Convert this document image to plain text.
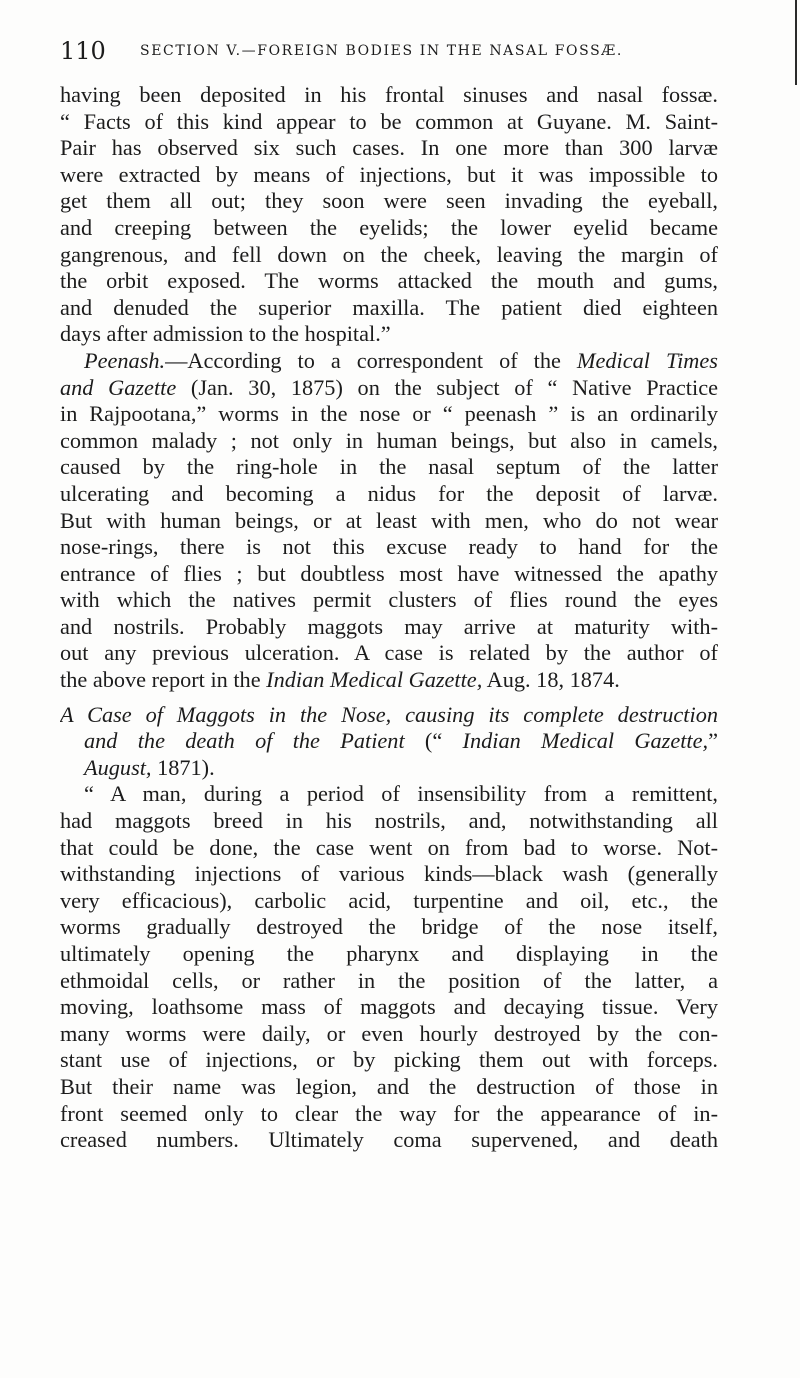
110 SECTION V.—FOREIGN BODIES IN THE NASAL FOSSÆ.
having been deposited in his frontal sinuses and nasal fossæ.
“ Facts of this kind appear to be common at Guyane. M. Saint-
Pair has observed six such cases. In one more than 300 larvæ
were extracted by means of injections, but it was impossible to
get them all out; they soon were seen invading the eyeball,
and creeping between the eyelids; the lower eyelid became
gangrenous, and fell down on the cheek, leaving the margin of
the orbit exposed. The worms attacked the mouth and gums,
and denuded the superior maxilla. The patient died eighteen
days after admission to the hospital.”
Peenash.—According to a correspondent of the Medical Times
and Gazette (Jan. 30, 1875) on the subject of “ Native Practice
in Rajpootana,” worms in the nose or “ peenash ” is an ordinarily
common malady ; not only in human beings, but also in camels,
caused by the ring-hole in the nasal septum of the latter
ulcerating and becoming a nidus for the deposit of larvæ.
But with human beings, or at least with men, who do not wear
nose-rings, there is not this excuse ready to hand for the
entrance of flies ; but doubtless most have witnessed the apathy
with which the natives permit clusters of flies round the eyes
and nostrils. Probably maggots may arrive at maturity with-
out any previous ulceration. A case is related by the author of
the above report in the Indian Medical Gazette, Aug. 18, 1874.
A Case of Maggots in the Nose, causing its complete destruction
and the death of the Patient (“ Indian Medical Gazette,”
August, 1871).
“ A man, during a period of insensibility from a remittent,
had maggots breed in his nostrils, and, notwithstanding all
that could be done, the case went on from bad to worse. Not-
withstanding injections of various kinds—black wash (generally
very efficacious), carbolic acid, turpentine and oil, etc., the
worms gradually destroyed the bridge of the nose itself,
ultimately opening the pharynx and displaying in the
ethmoidal cells, or rather in the position of the latter, a
moving, loathsome mass of maggots and decaying tissue. Very
many worms were daily, or even hourly destroyed by the con-
stant use of injections, or by picking them out with forceps.
But their name was legion, and the destruction of those in
front seemed only to clear the way for the appearance of in-
creased numbers. Ultimately coma supervened, and death
